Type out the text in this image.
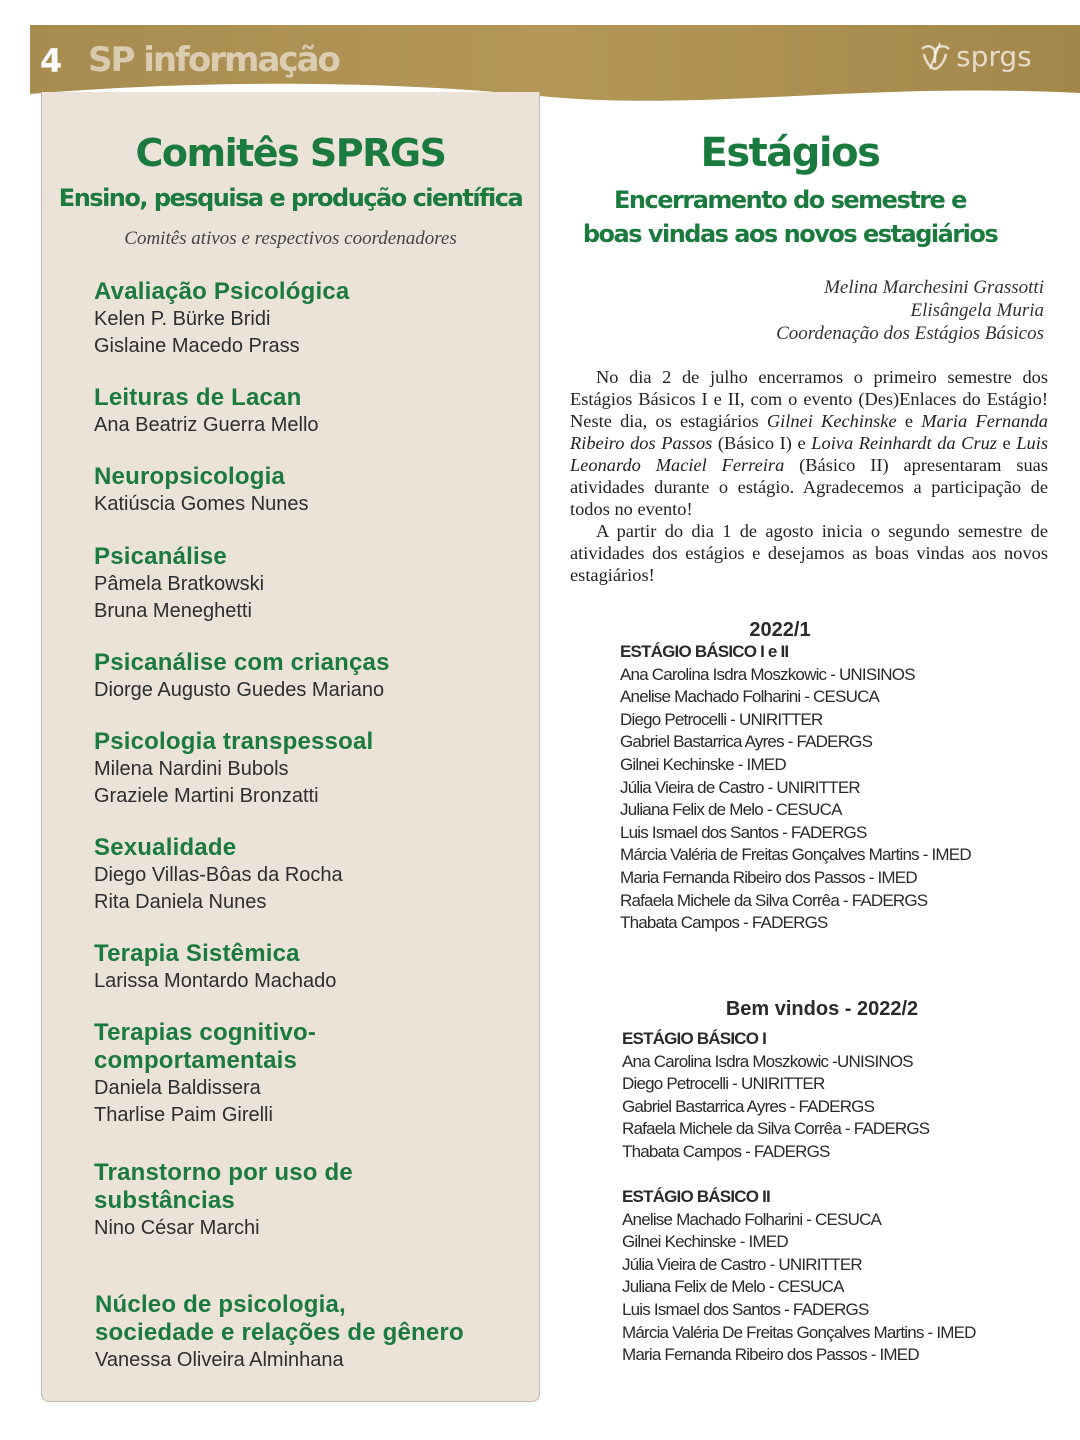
4 SP informação	sprgs
Comitês SPRGS
Ensino, pesquisa e produção científica
Comitês ativos e respectivos coordenadores
Avaliação Psicológica
Kelen P. Bürke Bridi
Gislaine Macedo Prass
Leituras de Lacan
Ana Beatriz Guerra Mello
Neuropsicologia
Katiúscia Gomes Nunes
Psicanálise
Pâmela Bratkowski
Bruna Meneghetti
Psicanálise com crianças
Diorge Augusto Guedes Mariano
Psicologia transpessoal
Milena Nardini Bubols
Graziele Martini Bronzatti
Sexualidade
Diego Villas-Bôas da Rocha
Rita Daniela Nunes
Terapia Sistêmica
Larissa Montardo Machado
Terapias cognitivo-
comportamentais
Daniela Baldissera
Tharlise Paim Girelli
Transtorno por uso de
substâncias
Nino César Marchi
Núcleo de psicologia,
sociedade e relações de gênero
Vanessa Oliveira Alminhana
Estágios
Encerramento do semestre e
boas vindas aos novos estagiários
Melina Marchesini Grassotti
Elisângela Muria
Coordenação dos Estágios Básicos

No dia 2 de julho encerramos o primeiro semestre dos Estágios Básicos I e II, com o evento (Des)Enlaces do Estágio! Neste dia, os estagiários Gilnei Kechinske e Maria Fernanda Ribeiro dos Passos (Básico I) e Loiva Reinhardt da Cruz e Luis Leonardo Maciel Ferreira (Básico II) apresentaram suas atividades durante o estágio. Agradecemos a participação de todos no evento!

A partir do dia 1 de agosto inicia o segundo semestre de atividades dos estágios e desejamos as boas vindas aos novos estagiários!

2022/1
ESTÁGIO BÁSICO I e II
Ana Carolina Isdra Moszkowic - UNISINOS
Anelise Machado Folharini - CESUCA
Diego Petrocelli - UNIRITTER
Gabriel Bastarrica Ayres - FADERGS
Gilnei Kechinske - IMED
Júlia Vieira de Castro - UNIRITTER
Juliana Felix de Melo - CESUCA
Luis Ismael dos Santos - FADERGS
Márcia Valéria de Freitas Gonçalves Martins - IMED
Maria Fernanda Ribeiro dos Passos - IMED
Rafaela Michele da Silva Corrêa - FADERGS
Thabata Campos - FADERGS
Bem vindos - 2022/2
ESTÁGIO BÁSICO I
Ana Carolina Isdra Moszkowic -UNISINOS
Diego Petrocelli - UNIRITTER
Gabriel Bastarrica Ayres - FADERGS
Rafaela Michele da Silva Corrêa - FADERGS
Thabata Campos - FADERGS
ESTÁGIO BÁSICO II
Anelise Machado Folharini - CESUCA
Gilnei Kechinske - IMED
Júlia Vieira de Castro - UNIRITTER
Juliana Felix de Melo - CESUCA
Luis Ismael dos Santos - FADERGS
Márcia Valéria De Freitas Gonçalves Martins - IMED
Maria Fernanda Ribeiro dos Passos - IMED
